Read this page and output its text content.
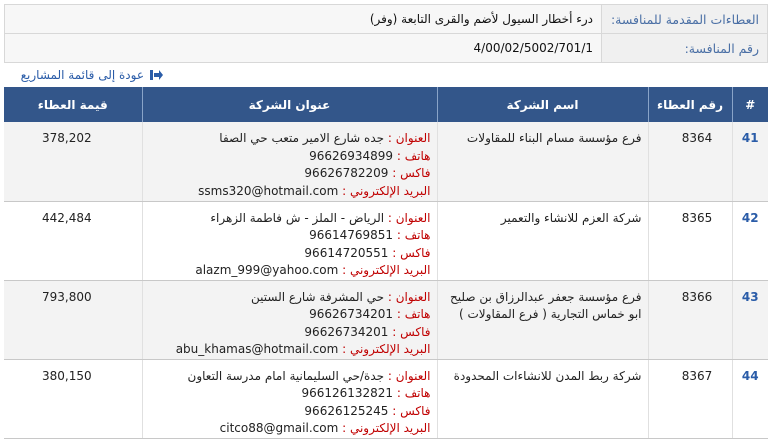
العطاءات المقدمة للمنافسة:	درء أخطار السيول لأضم والقرى التابعة (وفر)
رقم المنافسة:	4/00/02/5002/701/1
عودة إلى قائمة المشاريع
#	رقم العطاء	اسم الشركة	عنوان الشركة	قيمة العطاء
41	8364	فرع مؤسسة مسام البناء للمقاولات	العنوان : جده شارع الامير متعب حي الصفا
هاتف : 96626934899
فاكس : 96626782209
البريد الإلكتروني : ssms320@hotmail.com	378,202
42	8365	شركة العزم للانشاء والتعمير	العنوان : الرياض - الملز - ش فاطمة الزهراء
هاتف : 96614769851
فاكس : 96614720551
البريد الإلكتروني : alazm_999@yahoo.com	442,484
43	8366	فرع مؤسسة جعفر عبدالرزاق بن صليح ابو خماس التجارية ( فرع المقاولات )	العنوان : حي المشرفة شارع الستين
هاتف : 96626734201
فاكس : 96626734201
البريد الإلكتروني : abu_khamas@hotmail.com	793,800
44	8367	شركة ربط المدن للانشاءات المحدودة	العنوان : جدة/حي السليمانية امام مدرسة التعاون
هاتف : 966126132821
فاكس : 96626125245
البريد الإلكتروني : citco88@gmail.com	380,150
